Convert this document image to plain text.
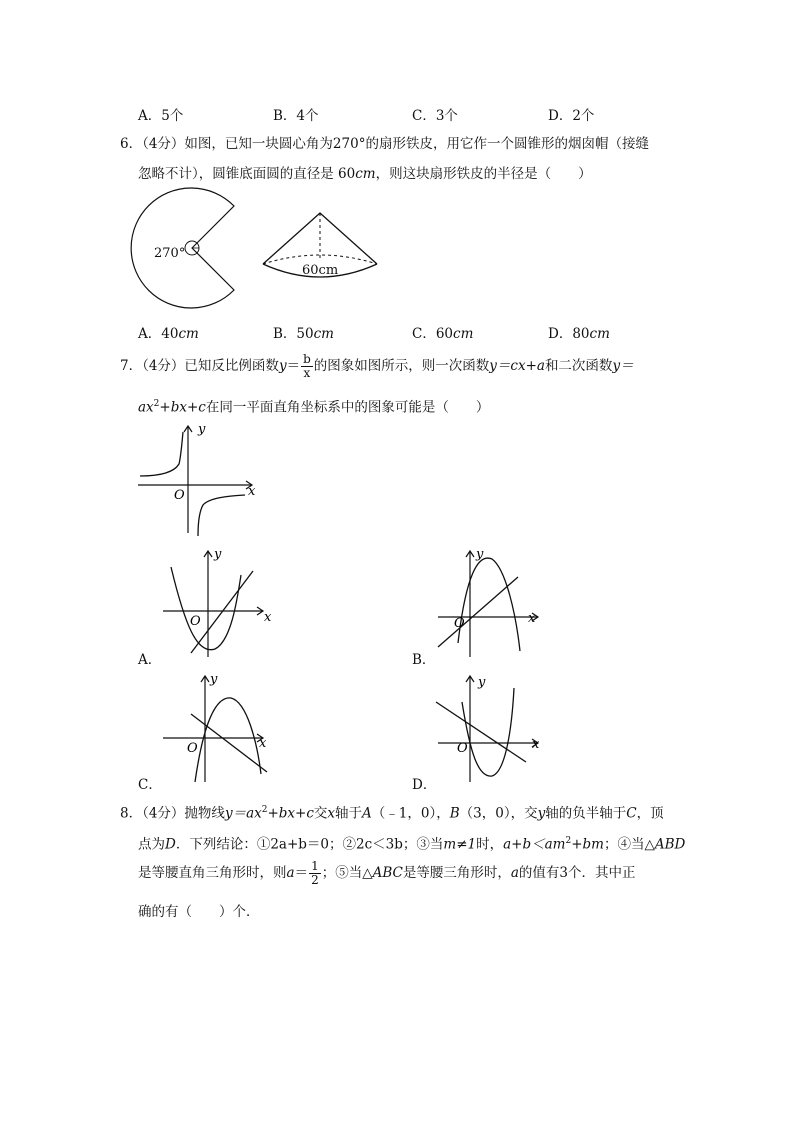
A．5个	B．4个	C．3个	D．2个
6．（4分）如图，已知一块圆心角为270°的扇形铁皮，用它作一个圆锥形的烟囱帽（接缝
忽略不计），圆锥底面圆的直径是 60cm，则这块扇形铁皮的半径是（　　）
270°
60cm
A．40cm	B．50cm	C．60cm	D．80cm
7．（4分）已知反比例函数$y= \frac{b}{x}$ 的图象如图所示，则一次函数y＝cx+a和二次函数y＝
$ax^2+bx+c$在同一平面直角坐标系中的图象可能是（　　）
y
x
O
y
x
O
A．
y
x
O
B．
y
x
O
C．
y
x
O
D．
8．（4分）抛物线$y=ax^2+bx+c$交x轴于A（﹣1，0），B（3，0），交y轴的负半轴于C，顶
点为D．下列结论：①2a+b＝0；②2c＜3b；③当m≠1时，$a+b<am^2+bm$；④当△ABD
是等腰直角三角形时，则$a= \frac{1}{2}$ ；⑤当△ABC是等腰三角形时，a的值有3个．其中正
确的有（　　）个．
